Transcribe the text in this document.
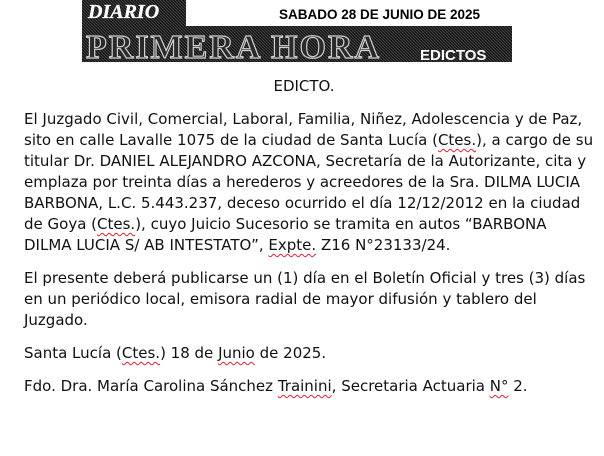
DIARIO
PRIMERA HORA	EDICTOS
SABADO 28 DE JUNIO DE 2025
EDICTO.
El Juzgado Civil, Comercial, Laboral, Familia, Niñez, Adolescencia y de Paz,
sito en calle Lavalle 1075 de la ciudad de Santa Lucía (Ctes.), a cargo de su
titular Dr. DANIEL ALEJANDRO AZCONA, Secretaría de la Autorizante, cita y
emplaza por treinta días a herederos y acreedores de la Sra. DILMA LUCIA
BARBONA, L.C. 5.443.237, deceso ocurrido el día 12/12/2012 en la ciudad
de Goya (Ctes.), cuyo Juicio Sucesorio se tramita en autos “BARBONA
DILMA LUCIA S/ AB INTESTATO”, Expte. Z16 N°23133/24.
El presente deberá publicarse un (1) día en el Boletín Oficial y tres (3) días
en un periódico local, emisora radial de mayor difusión y tablero del
Juzgado.
Santa Lucía (Ctes.) 18 de Junio de 2025.
Fdo. Dra. María Carolina Sánchez Trainini, Secretaria Actuaria N° 2.
